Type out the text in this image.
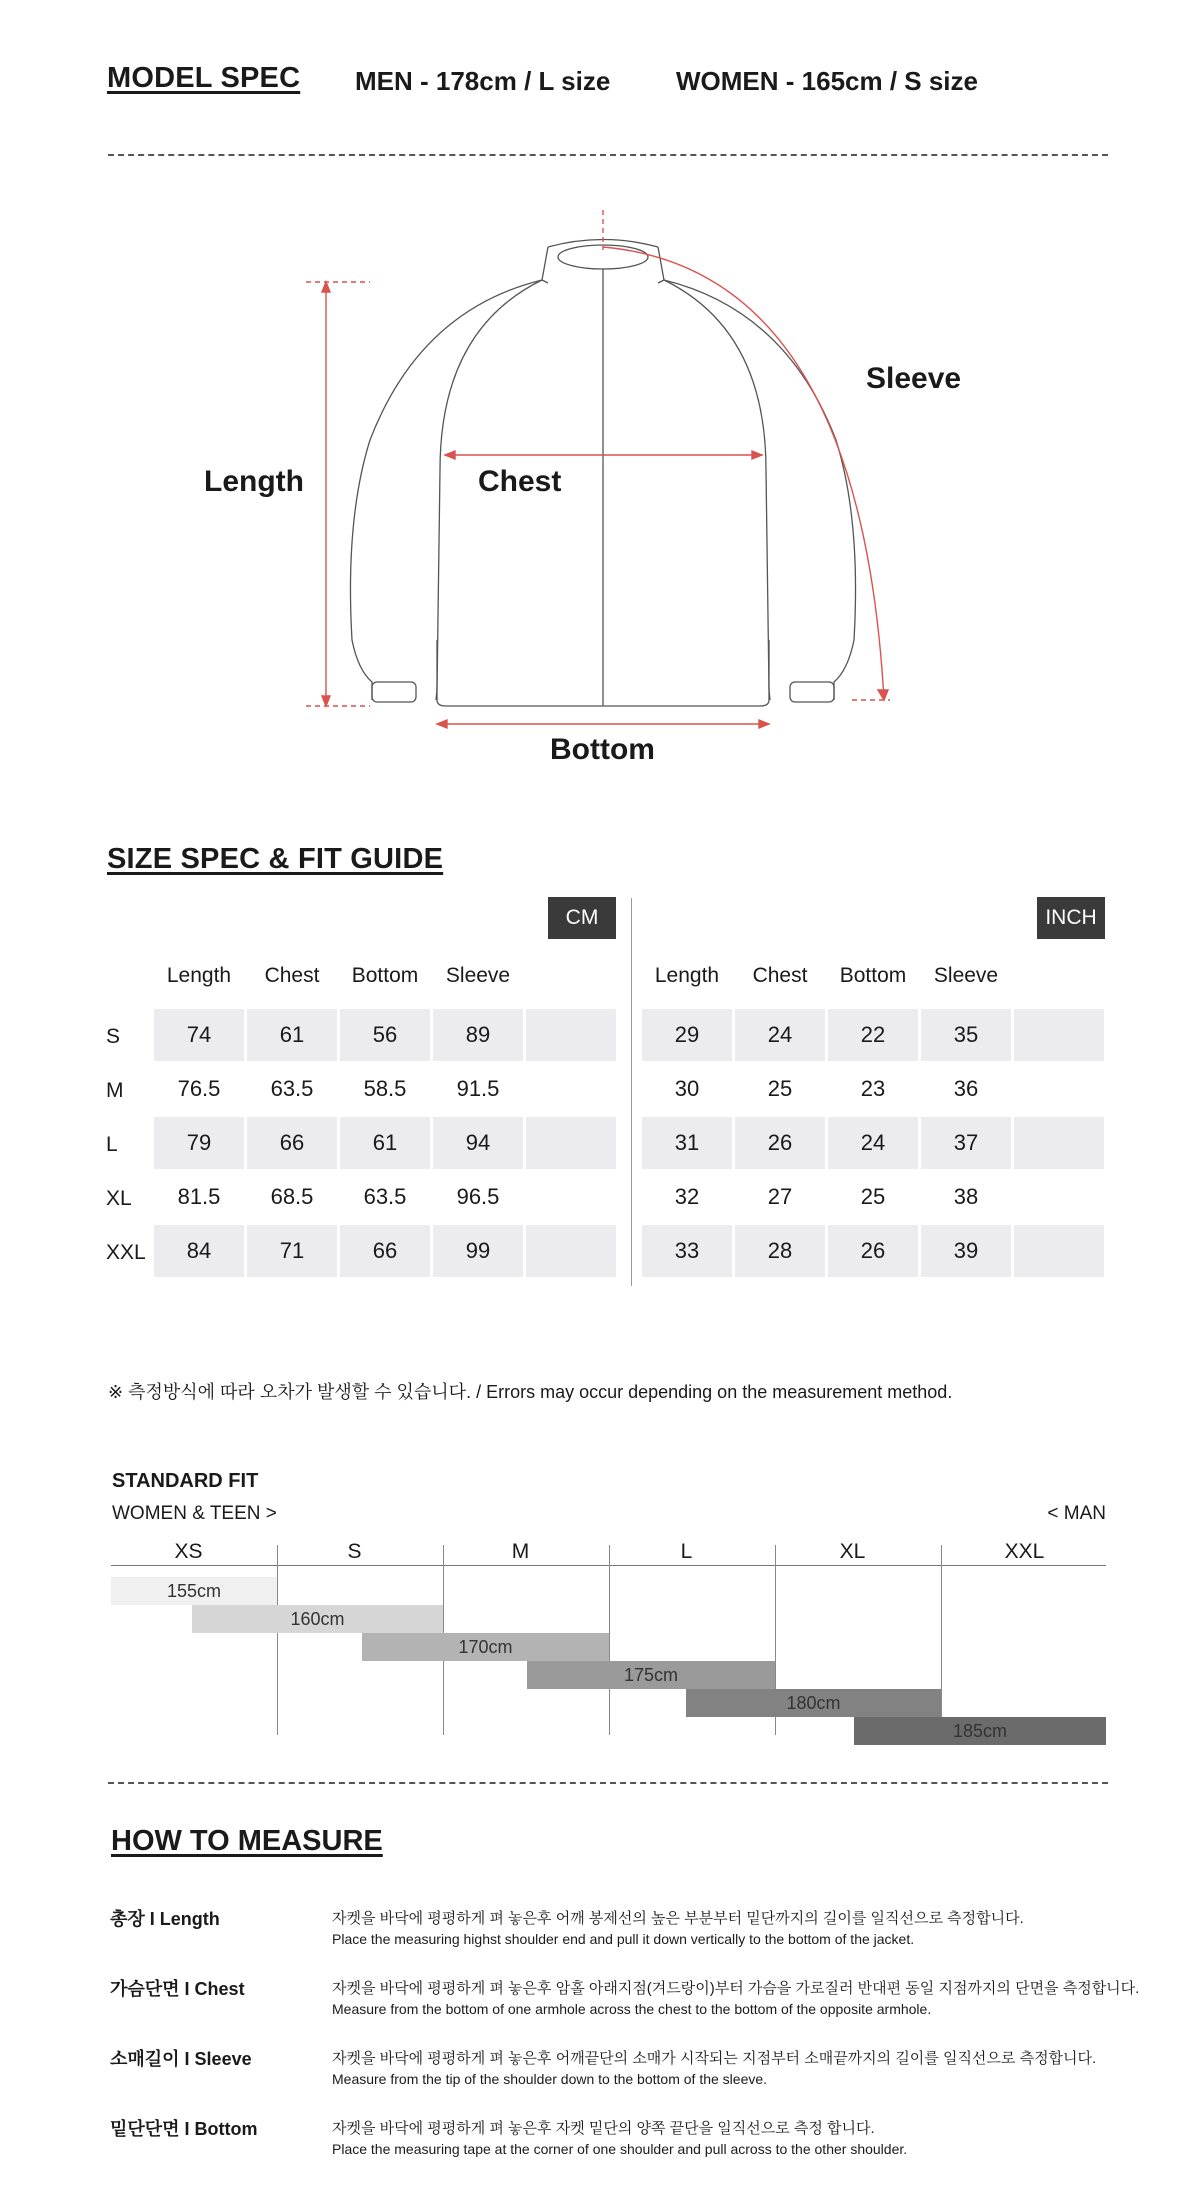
MODEL SPEC MEN - 178cm / L size	WOMEN - 165cm / S size
Length	Chest
Sleeve
Bottom
SIZE SPEC & FIT GUIDE
CM	INCH
Length	Chest	Bottom	Sleeve	Length	Chest	Bottom	Sleeve
S	74	61	56	89	29	24	22	35
M	76.5	63.5	58.5	91.5	30	25	23	36
L	79	66	61	94	31	26	24	37
XL	81.5	68.5	63.5	96.5	32	27	25	38
XXL	84	71	66	99	33	28	26	39
※ 측정방식에 따라 오차가 발생할 수 있습니다. / Errors may occur depending on the measurement method.
STANDARD FIT
WOMEN & TEEN >	< MAN
XS	S	M	L	XL	XXL
155cm
160cm
170cm
175cm
180cm
185cm
HOW TO MEASURE
총장 I Length	자켓을 바닥에 평평하게 펴 놓은후 어깨 봉제선의 높은 부분부터 밑단까지의 길이를 일직선으로 측정합니다.
Place the measuring highst shoulder end and pull it down vertically to the bottom of the jacket.
가슴단면 I Chest	자켓을 바닥에 평평하게 펴 놓은후 암홀 아래지점(겨드랑이)부터 가슴을 가로질러 반대편 동일 지점까지의 단면을 측정합니다.
Measure from the bottom of one armhole across the chest to the bottom of the opposite armhole.
소매길이 I Sleeve	자켓을 바닥에 평평하게 펴 놓은후 어깨끝단의 소매가 시작되는 지점부터 소매끝까지의 길이를 일직선으로 측정합니다.
Measure from the tip of the shoulder down to the bottom of the sleeve.
밑단단면 I Bottom	자켓을 바닥에 평평하게 펴 놓은후 자켓 밑단의 양쪽 끝단을 일직선으로 측정 합니다.
Place the measuring tape at the corner of one shoulder and pull across to the other shoulder.
